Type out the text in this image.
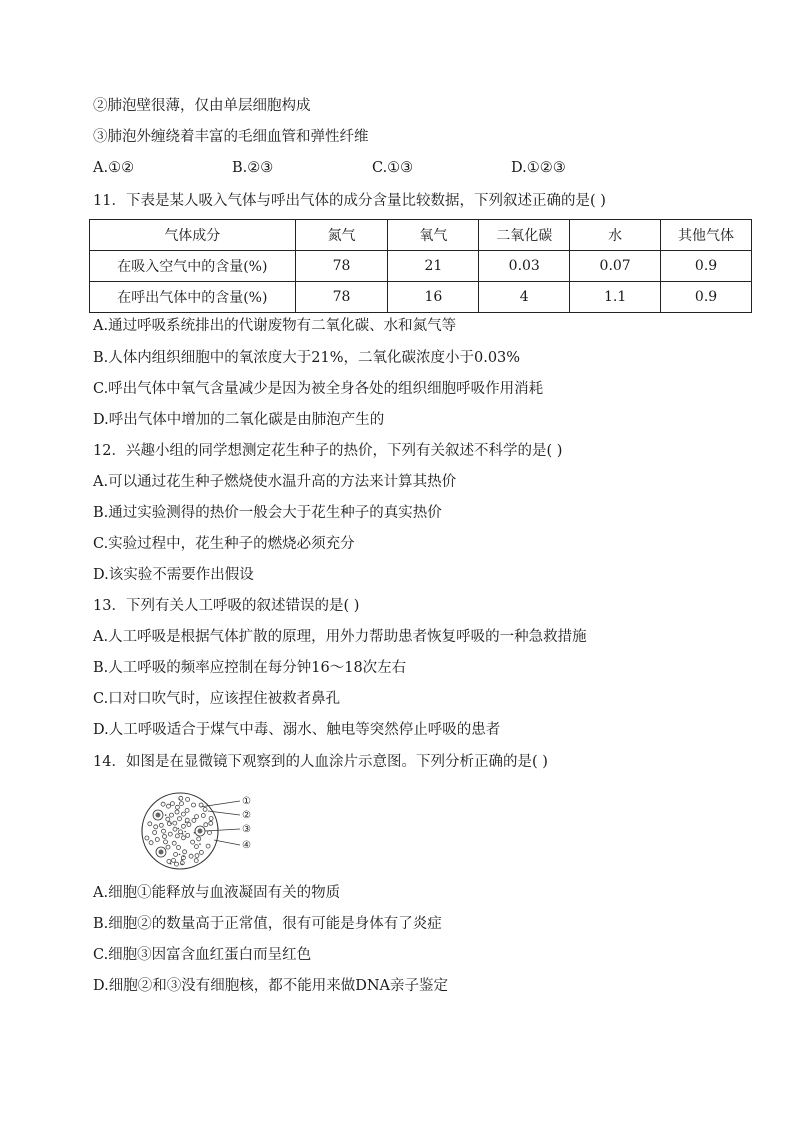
②肺泡壁很薄，仅由单层细胞构成
③肺泡外缠绕着丰富的毛细血管和弹性纤维
A.①②	B.②③	C.①③	D.①②③
11．下表是某人吸入气体与呼出气体的成分含量比较数据，下列叙述正确的是( )
气体成分	氮气	氧气	二氧化碳	水	其他气体
在吸入空气中的含量(%)	78	21	0.03	0.07	0.9
在呼出气体中的含量(%)	78	16	4	1.1	0.9
A.通过呼吸系统排出的代谢废物有二氧化碳、水和氮气等
B.人体内组织细胞中的氧浓度大于21%，二氧化碳浓度小于0.03%
C.呼出气体中氧气含量减少是因为被全身各处的组织细胞呼吸作用消耗
D.呼出气体中增加的二氧化碳是由肺泡产生的
12．兴趣小组的同学想测定花生种子的热价，下列有关叙述不科学的是( )
A.可以通过花生种子燃烧使水温升高的方法来计算其热价
B.通过实验测得的热价一般会大于花生种子的真实热价
C.实验过程中，花生种子的燃烧必须充分
D.该实验不需要作出假设
13．下列有关人工呼吸的叙述错误的是( )
A.人工呼吸是根据气体扩散的原理，用外力帮助患者恢复呼吸的一种急救措施
B.人工呼吸的频率应控制在每分钟16～18次左右
C.口对口吹气时，应该捏住被救者鼻孔
D.人工呼吸适合于煤气中毒、溺水、触电等突然停止呼吸的患者
14．如图是在显微镜下观察到的人血涂片示意图。下列分析正确的是( )
①
②
③
④
A.细胞①能释放与血液凝固有关的物质
B.细胞②的数量高于正常值，很有可能是身体有了炎症
C.细胞③因富含血红蛋白而呈红色
D.细胞②和③没有细胞核，都不能用来做DNA亲子鉴定
